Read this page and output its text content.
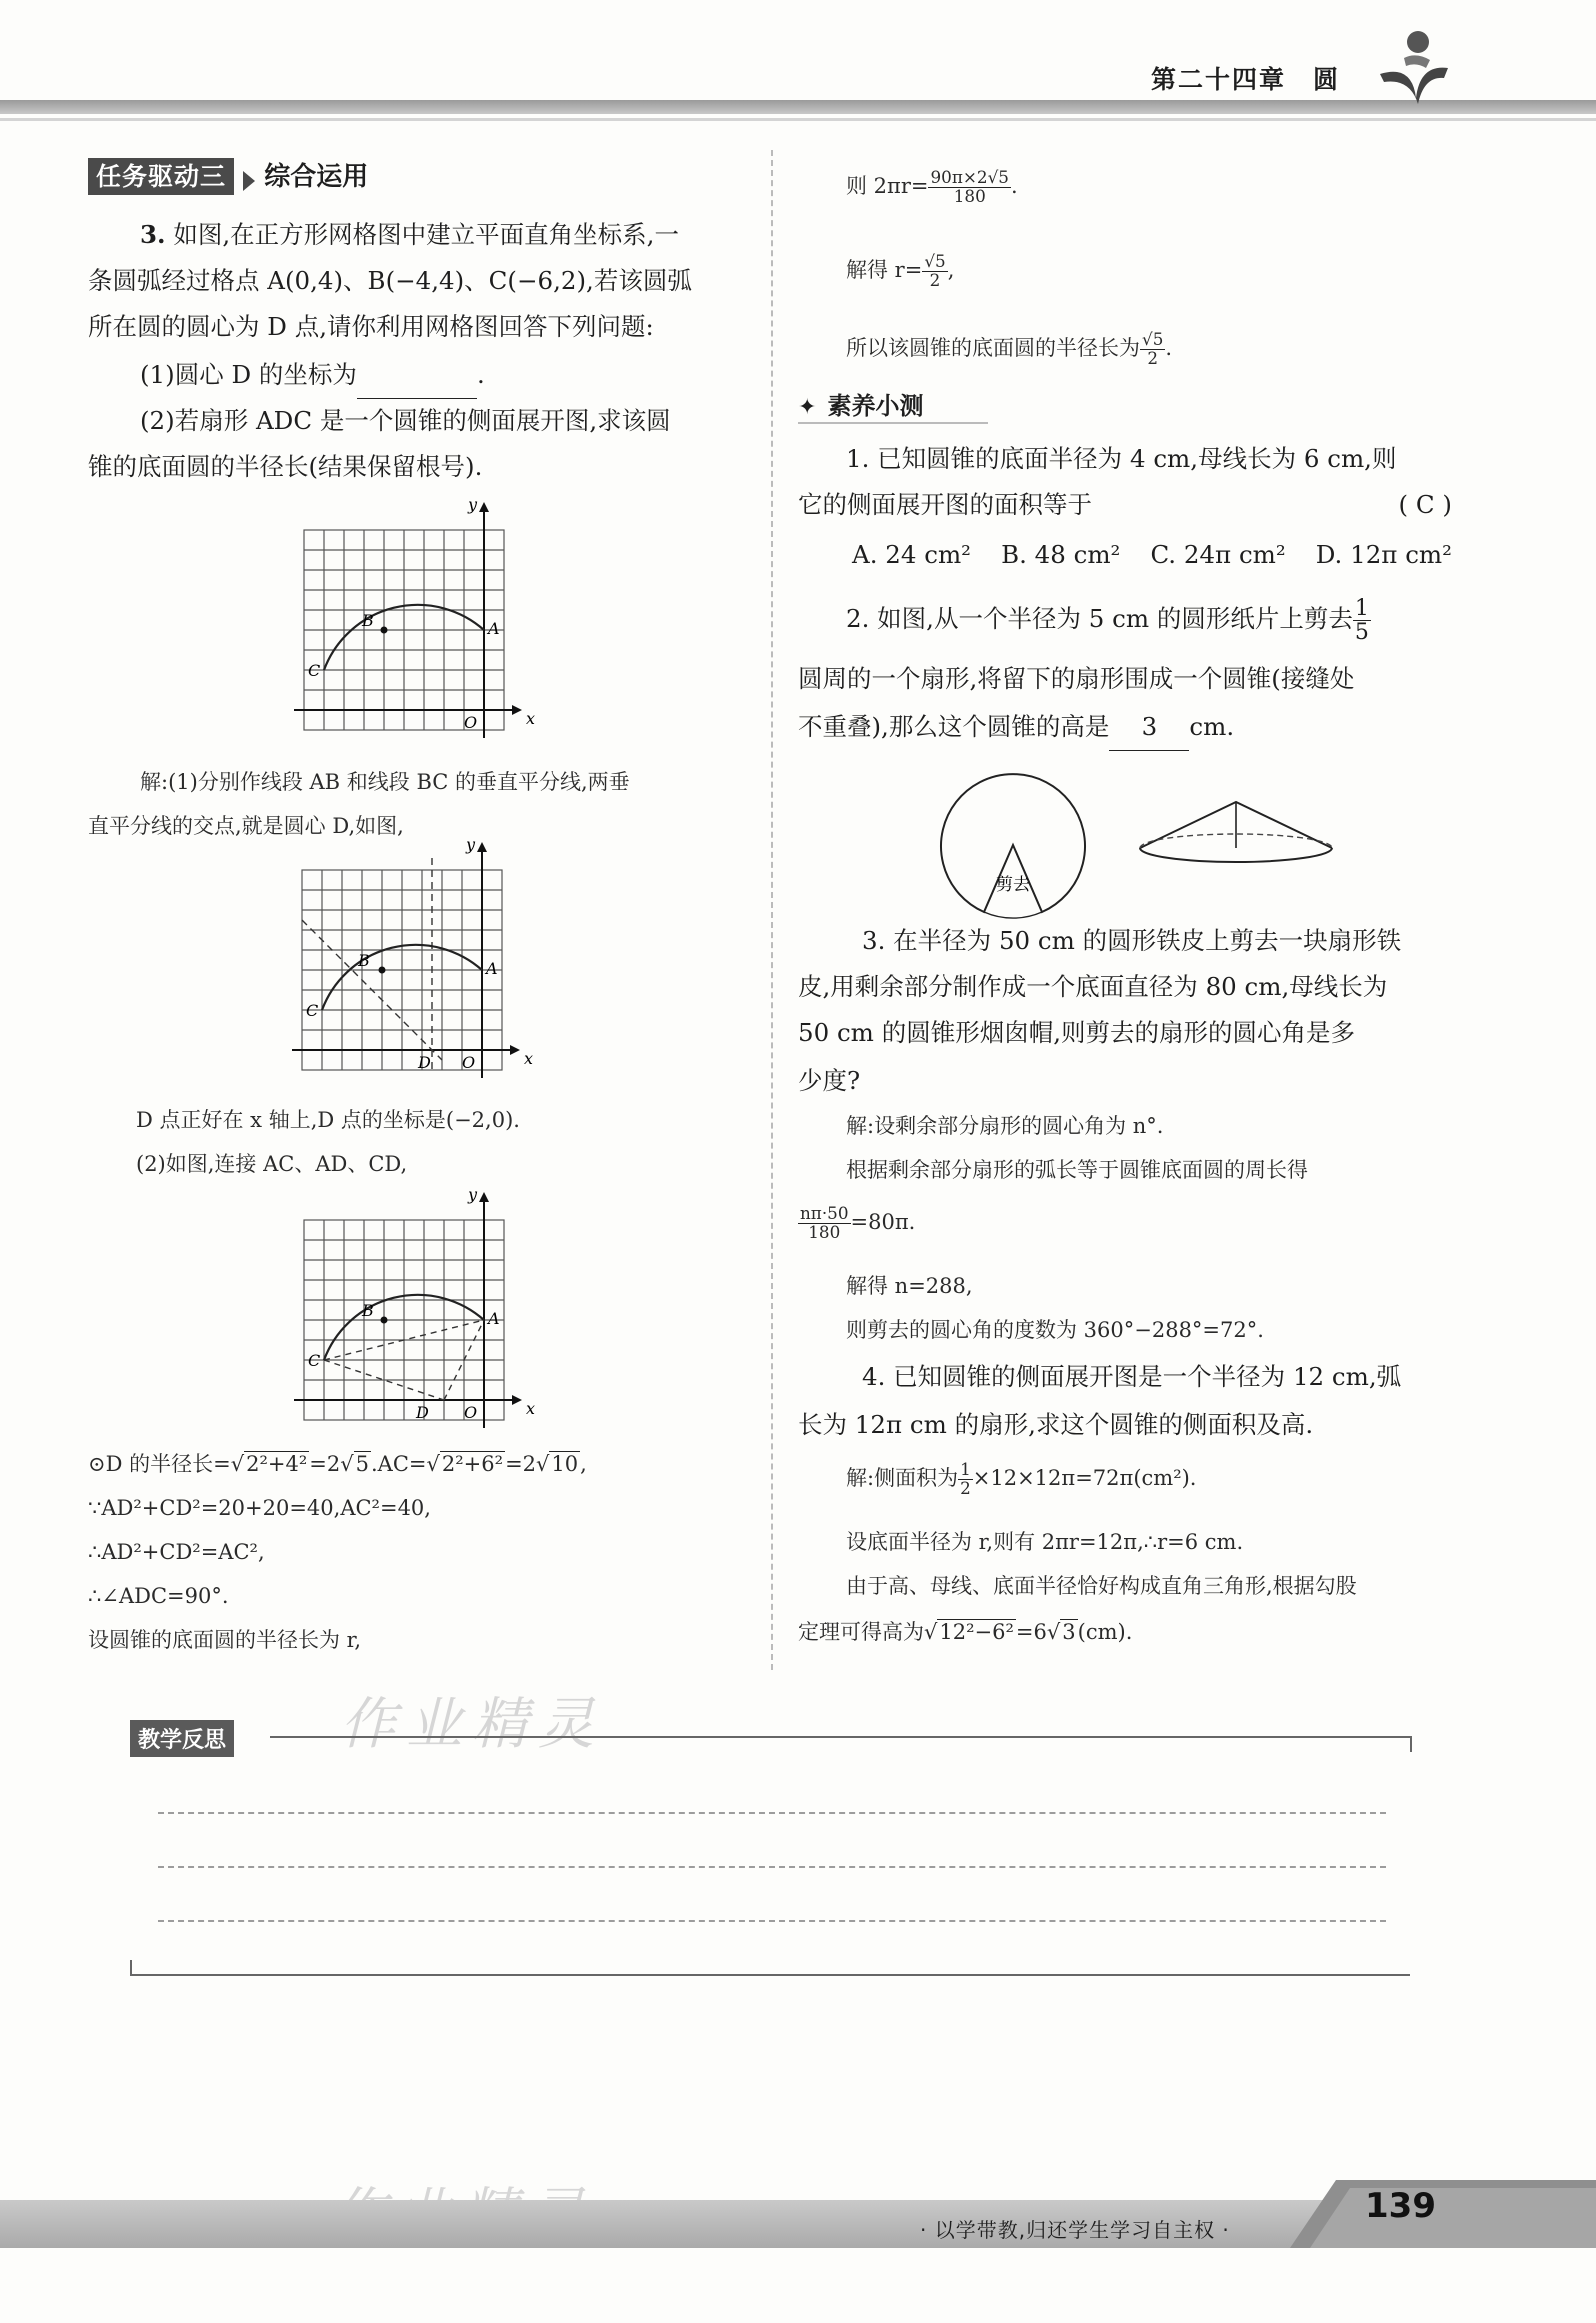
第二十四章　圆
任务驱动三 综合运用
3. 如图,在正方形网格图中建立平面直角坐标系,一
条圆弧经过格点 A(0,4)、B(−4,4)、C(−6,2),若该圆弧
所在圆的圆心为 D 点,请你利用网格图回答下列问题:
(1)圆心 D 的坐标为	.
(2)若扇形 ADC 是一个圆锥的侧面展开图,求该圆
锥的底面圆的半径长(结果保留根号).
y
x
O
A
B
C
解:(1)分别作线段 AB 和线段 BC 的垂直平分线,两垂
直平分线的交点,就是圆心 D,如图,
y
x
O
D
A
B
C
D 点正好在 x 轴上,D 点的坐标是(−2,0).
(2)如图,连接 AC、AD、CD,
y
x
O
D
A
B
C
⊙D 的半径长=√2²+4²=2√5.AC=√2²+6²=2√10,
∵AD²+CD²=20+20=40,AC²=40,
∴AD²+CD²=AC²,
∴∠ADC=90°.
设圆锥的底面圆的半径长为 r,
则 $2\pi r= \frac{90\pi\times 2√5}{180}$ .
解得 $r= \frac{√5}{2}$ ,
所以该圆锥的底面圆的半径长为 $\frac{√5}{2}$ .
✦ 素养小测
1. 已知圆锥的底面半径为 4 cm,母线长为 6 cm,则
它的侧面展开图的面积等于	( C )
A. 24 cm² B. 48 cm² C. 24π cm² D. 12π cm²
2. 如图,从一个半径为 5 cm 的圆形纸片上剪去 $\frac{1}{5}$
圆周的一个扇形,将留下的扇形围成一个圆锥(接缝处
不重叠),那么这个圆锥的高是 3 cm.
剪去
3. 在半径为 50 cm 的圆形铁皮上剪去一块扇形铁
皮,用剩余部分制作成一个底面直径为 80 cm,母线长为
50 cm 的圆锥形烟囱帽,则剪去的扇形的圆心角是多
少度?
解:设剩余部分扇形的圆心角为 n°.
根据剩余部分扇形的弧长等于圆锥底面圆的周长得
$\frac{n\pi\cdot 50}{180} =80\pi$.
解得 n=288,
则剪去的圆心角的度数为 360°−288°=72°.
4. 已知圆锥的侧面展开图是一个半径为 12 cm,弧
长为 12π cm 的扇形,求这个圆锥的侧面积及高.
解:侧面积为 $\frac{1}{2} \times 12\times 12\pi=72\pi(cm^2)$.
设底面半径为 r,则有 2πr=12π,∴r=6 cm.
由于高、母线、底面半径恰好构成直角三角形,根据勾股
定理可得高为√12²−6²=6√3(cm).
作业精灵
教学反思
· 以学带教,归还学生学习自主权 ·
139
